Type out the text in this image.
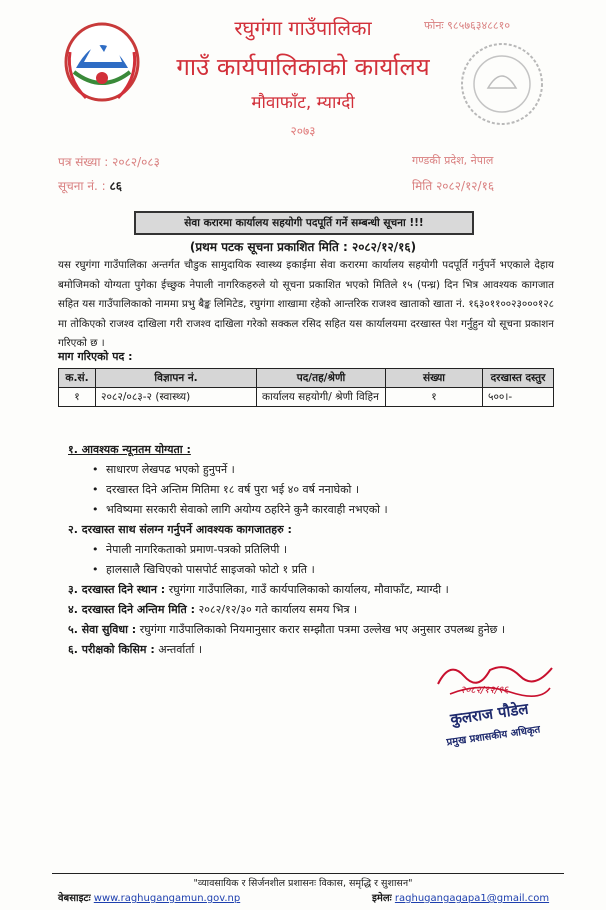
रघुगंगा गाउँपालिका
गाउँ कार्यपालिकाको कार्यालय
मौवाफाँट, म्याग्दी
२०७३
फोनः ९८५७६३४८८१०
पत्र संख्या : २०८२/०८३
सूचना नं. : ८६
गण्डकी प्रदेश, नेपाल
मिति २०८२/१२/१६
सेवा करारमा कार्यालय सहयोगी पदपूर्ति गर्ने सम्बन्धी सूचना !!!
(प्रथम पटक सूचना प्रकाशित मिति : २०८२/१२/१६)
यस रघुगंगा गाउँपालिका अन्तर्गत चौडुक सामुदायिक स्वास्थ्य इकाईमा सेवा करारमा कार्यालय सहयोगी पदपूर्ति गर्नुपर्ने भएकाले देहाय बमोजिमको योग्यता पुगेका ईच्छुक नेपाली नागरिकहरुले यो सूचना प्रकाशित भएको मितिले १५ (पन्ध्र) दिन भित्र आवश्यक कागजात सहित यस गाउँपालिकाको नाममा प्रभु बैङ्क लिमिटेड, रघुगंगा शाखामा रहेको आन्तरिक राजश्व खाताको खाता नं. १६३०११००२३०००१२८ मा तोकिएको राजश्व दाखिला गरी राजश्व दाखिला गरेको सक्कल रसिद सहित यस कार्यालयमा दरखास्त पेश गर्नुहुन यो सूचना प्रकाशन गरिएको छ ।
माग गरिएको पद :
क.सं.	विज्ञापन नं.	पद/तह/श्रेणी	संख्या	दरखास्त दस्तुर
१	२०८२/०८३-२ (स्वास्थ्य)	कार्यालय सहयोगी/ श्रेणी विहिन	१	५००।-

१. आवश्यक न्यूनतम योग्यता :

• साधारण लेखपढ भएको हुनुपर्ने ।
• दरखास्त दिने अन्तिम मितिमा १८ वर्ष पुरा भई ४० वर्ष ननाघेको ।
• भविष्यमा सरकारी सेवाको लागि अयोग्य ठहरिने कुनै कारवाही नभएको ।

२. दरखास्त साथ संलग्न गर्नुपर्ने आवश्यक कागजातहरु :

• नेपाली नागरिकताको प्रमाण-पत्रको प्रतिलिपी ।
• हालसालै खिचिएको पासपोर्ट साइजको फोटो १ प्रति ।

३. दरखास्त दिने स्थान : रघुगंगा गाउँपालिका, गाउँ कार्यपालिकाको कार्यालय, मौवाफाँट, म्याग्दी ।

४. दरखास्त दिने अन्तिम मिति : २०८२/१२/३० गते कार्यालय समय भित्र ।

५. सेवा सुविधा : रघुगंगा गाउँपालिकाको नियमानुसार करार सम्झौता पत्रमा उल्लेख भए अनुसार उपलब्ध हुनेछ ।

६. परीक्षको किसिम : अन्तर्वार्ता ।

२०८२/१२/१६
कुलराज पौडेल
प्रमुख प्रशासकीय अधिकृत
"व्यावसायिक र सिर्जनशील प्रशासनः विकास, समृद्धि र सुशासन"
वेबसाइटः www.raghugangamun.gov.np	इमेलः raghugangagapa1@gmail.com
